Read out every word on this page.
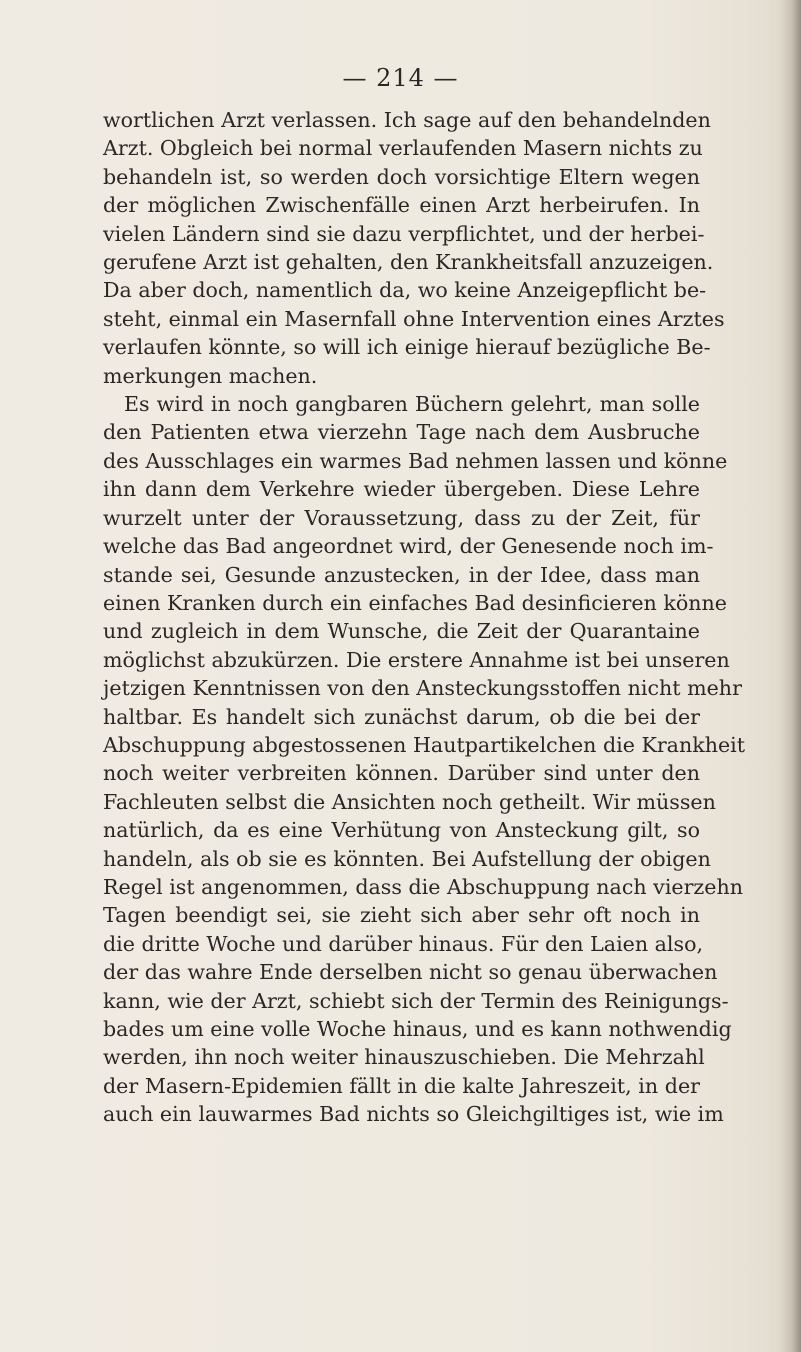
— 214 —

wortlichen Arzt verlassen. Ich sage auf den behandelnden
Arzt. Obgleich bei normal verlaufenden Masern nichts zu
behandeln ist, so werden doch vorsichtige Eltern wegen
der möglichen Zwischenfälle einen Arzt herbeirufen. In
vielen Ländern sind sie dazu verpflichtet, und der herbei-
gerufene Arzt ist gehalten, den Krankheitsfall anzuzeigen.
Da aber doch, namentlich da, wo keine Anzeigepflicht be-
steht, einmal ein Masernfall ohne Intervention eines Arztes
verlaufen könnte, so will ich einige hierauf bezügliche Be-
merkungen machen.

Es wird in noch gangbaren Büchern gelehrt, man solle
den Patienten etwa vierzehn Tage nach dem Ausbruche
des Ausschlages ein warmes Bad nehmen lassen und könne
ihn dann dem Verkehre wieder übergeben. Diese Lehre
wurzelt unter der Voraussetzung, dass zu der Zeit, für
welche das Bad angeordnet wird, der Genesende noch im-
stande sei, Gesunde anzustecken, in der Idee, dass man
einen Kranken durch ein einfaches Bad desinficieren könne
und zugleich in dem Wunsche, die Zeit der Quarantaine
möglichst abzukürzen. Die erstere Annahme ist bei unseren
jetzigen Kenntnissen von den Ansteckungsstoffen nicht mehr
haltbar. Es handelt sich zunächst darum, ob die bei der
Abschuppung abgestossenen Hautpartikelchen die Krankheit
noch weiter verbreiten können. Darüber sind unter den
Fachleuten selbst die Ansichten noch getheilt. Wir müssen
natürlich, da es eine Verhütung von Ansteckung gilt, so
handeln, als ob sie es könnten. Bei Aufstellung der obigen
Regel ist angenommen, dass die Abschuppung nach vierzehn
Tagen beendigt sei, sie zieht sich aber sehr oft noch in
die dritte Woche und darüber hinaus. Für den Laien also,
der das wahre Ende derselben nicht so genau überwachen
kann, wie der Arzt, schiebt sich der Termin des Reinigungs-
bades um eine volle Woche hinaus, und es kann nothwendig
werden, ihn noch weiter hinauszuschieben. Die Mehrzahl
der Masern-Epidemien fällt in die kalte Jahreszeit, in der
auch ein lauwarmes Bad nichts so Gleichgiltiges ist, wie im
